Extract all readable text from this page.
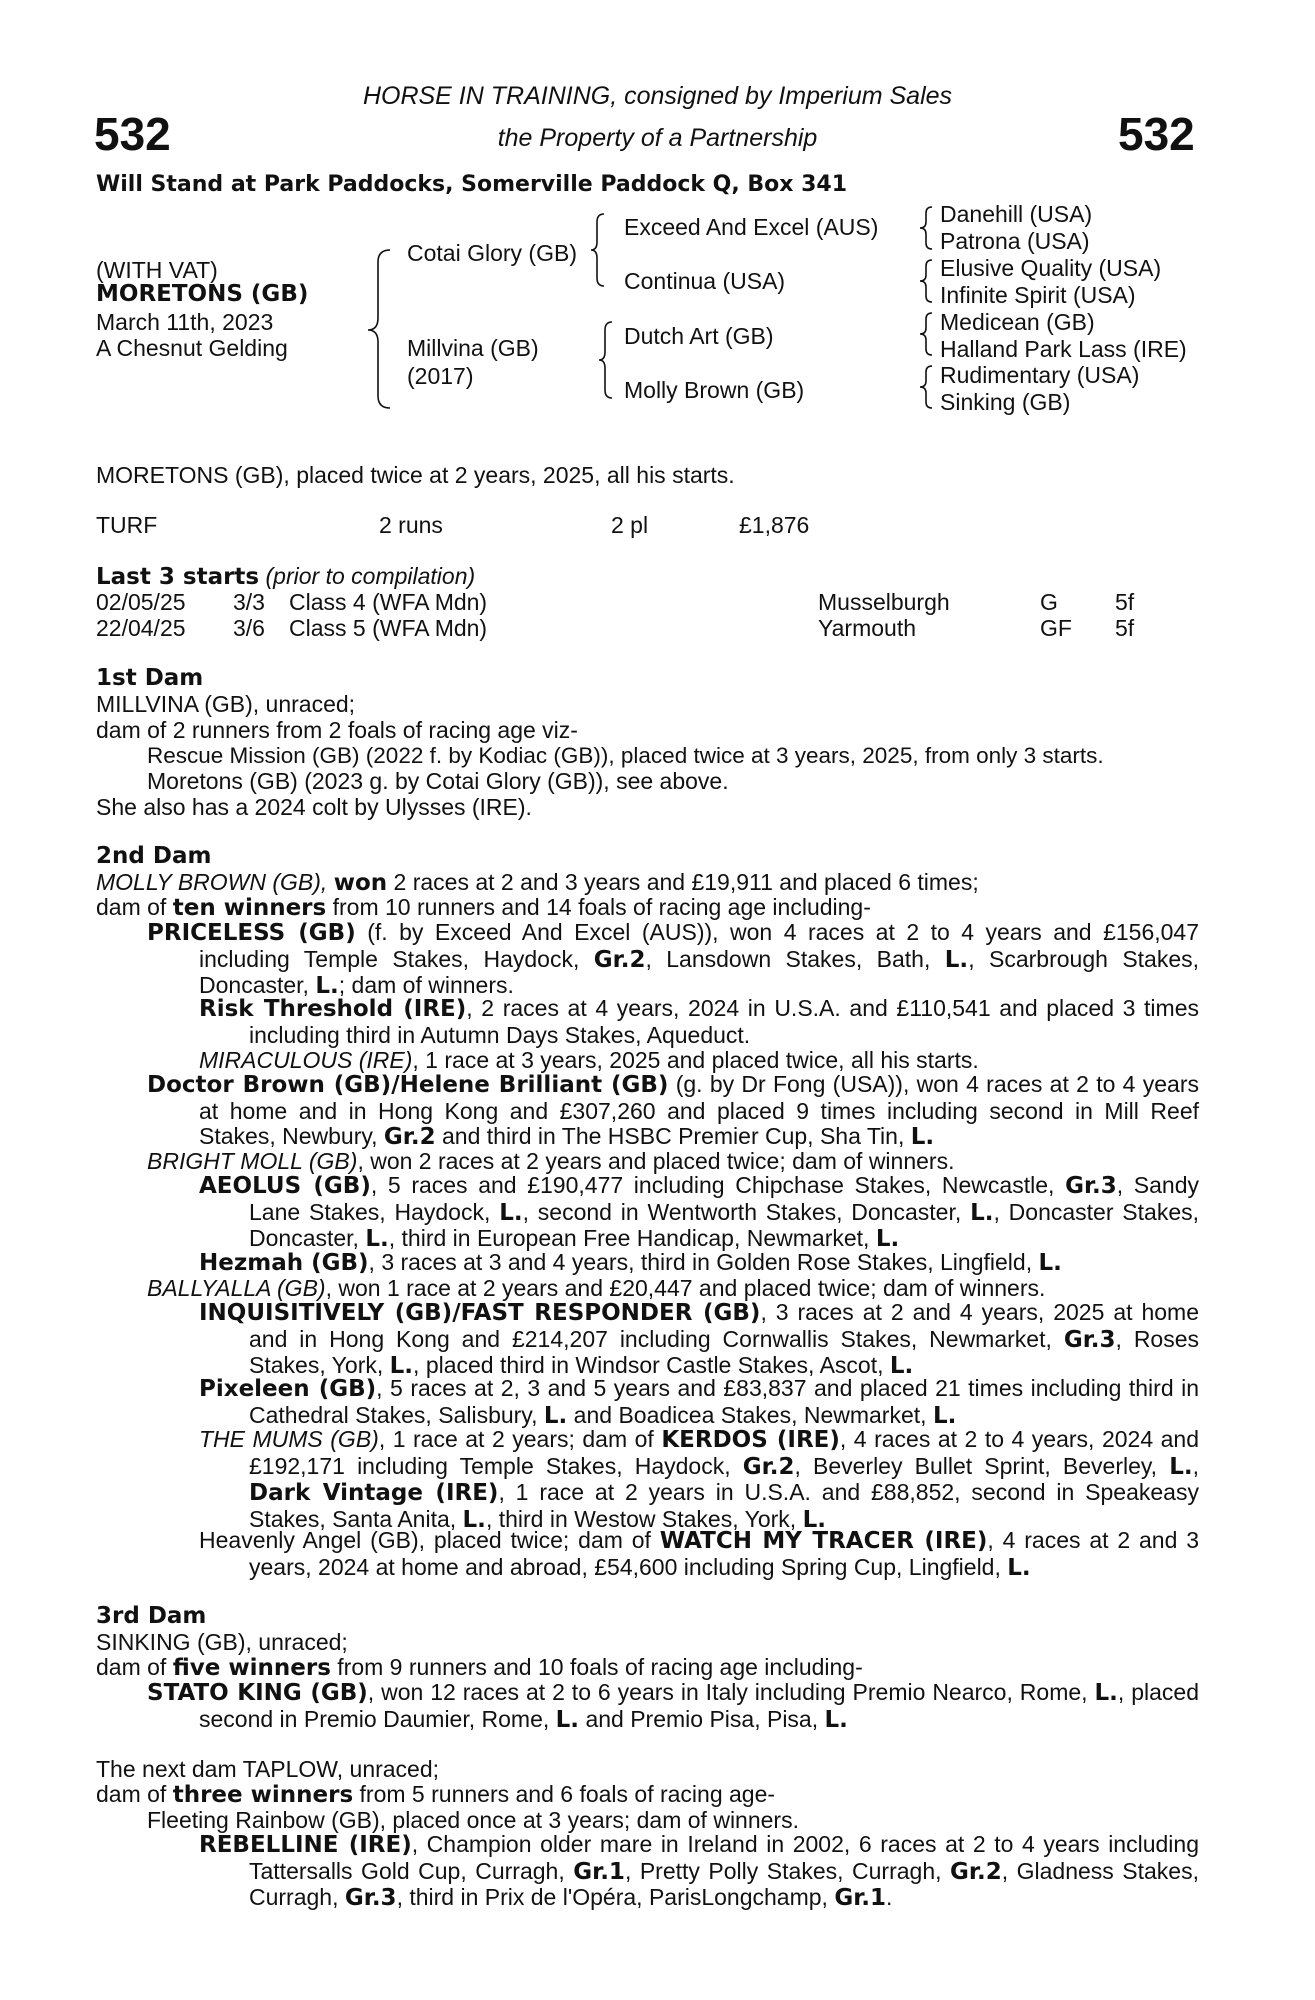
HORSE IN TRAINING, consigned by Imperium Sales
the Property of a Partnership
532	532
Will Stand at Park Paddocks, Somerville Paddock Q, Box 341
(WITH VAT)
MORETONS (GB)
March 11th, 2023
A Chesnut Gelding
Cotai Glory (GB)
Millvina (GB)
(2017)
Exceed And Excel (AUS)
Continua (USA)
Dutch Art (GB)
Molly Brown (GB)
Danehill (USA)
Patrona (USA)
Elusive Quality (USA)
Infinite Spirit (USA)
Medicean (GB)
Halland Park Lass (IRE)
Rudimentary (USA)
Sinking (GB)
MORETONS (GB), placed twice at 2 years, 2025, all his starts.
TURF	2 runs	2 pl	£1,876
Last 3 starts (prior to compilation)
02/05/25 3/3 Class 4 (WFA Mdn)	Musselburgh	G 5f
22/04/25 3/6 Class 5 (WFA Mdn)	Yarmouth	GF 5f
1st Dam
MILLVINA (GB), unraced;
dam of 2 runners from 2 foals of racing age viz-
Rescue Mission (GB) (2022 f. by Kodiac (GB)), placed twice at 3 years, 2025, from only 3 starts.
Moretons (GB) (2023 g. by Cotai Glory (GB)), see above.
She also has a 2024 colt by Ulysses (IRE).
2nd Dam
MOLLY BROWN (GB), won 2 races at 2 and 3 years and £19,911 and placed 6 times;
dam of ten winners from 10 runners and 14 foals of racing age including-
PRICELESS (GB) (f. by Exceed And Excel (AUS)), won 4 races at 2 to 4 years and £156,047 including Temple Stakes, Haydock, Gr.2, Lansdown Stakes, Bath, L., Scarbrough Stakes, Doncaster, L.; dam of winners.
Risk Threshold (IRE), 2 races at 4 years, 2024 in U.S.A. and £110,541 and placed 3 times including third in Autumn Days Stakes, Aqueduct.
MIRACULOUS (IRE), 1 race at 3 years, 2025 and placed twice, all his starts.
Doctor Brown (GB)/Helene Brilliant (GB) (g. by Dr Fong (USA)), won 4 races at 2 to 4 years at home and in Hong Kong and £307,260 and placed 9 times including second in Mill Reef Stakes, Newbury, Gr.2 and third in The HSBC Premier Cup, Sha Tin, L.
BRIGHT MOLL (GB), won 2 races at 2 years and placed twice; dam of winners.
AEOLUS (GB), 5 races and £190,477 including Chipchase Stakes, Newcastle, Gr.3, Sandy Lane Stakes, Haydock, L., second in Wentworth Stakes, Doncaster, L., Doncaster Stakes, Doncaster, L., third in European Free Handicap, Newmarket, L.
Hezmah (GB), 3 races at 3 and 4 years, third in Golden Rose Stakes, Lingfield, L.
BALLYALLA (GB), won 1 race at 2 years and £20,447 and placed twice; dam of winners.
INQUISITIVELY (GB)/FAST RESPONDER (GB), 3 races at 2 and 4 years, 2025 at home and in Hong Kong and £214,207 including Cornwallis Stakes, Newmarket, Gr.3, Roses Stakes, York, L., placed third in Windsor Castle Stakes, Ascot, L.
Pixeleen (GB), 5 races at 2, 3 and 5 years and £83,837 and placed 21 times including third in Cathedral Stakes, Salisbury, L. and Boadicea Stakes, Newmarket, L.
THE MUMS (GB), 1 race at 2 years; dam of KERDOS (IRE), 4 races at 2 to 4 years, 2024 and £192,171 including Temple Stakes, Haydock, Gr.2, Beverley Bullet Sprint, Beverley, L., Dark Vintage (IRE), 1 race at 2 years in U.S.A. and £88,852, second in Speakeasy Stakes, Santa Anita, L., third in Westow Stakes, York, L.
Heavenly Angel (GB), placed twice; dam of WATCH MY TRACER (IRE), 4 races at 2 and 3 years, 2024 at home and abroad, £54,600 including Spring Cup, Lingfield, L.
3rd Dam
SINKING (GB), unraced;
dam of five winners from 9 runners and 10 foals of racing age including-
STATO KING (GB), won 12 races at 2 to 6 years in Italy including Premio Nearco, Rome, L., placed second in Premio Daumier, Rome, L. and Premio Pisa, Pisa, L.
The next dam TAPLOW, unraced;
dam of three winners from 5 runners and 6 foals of racing age-
Fleeting Rainbow (GB), placed once at 3 years; dam of winners.
REBELLINE (IRE), Champion older mare in Ireland in 2002, 6 races at 2 to 4 years including Tattersalls Gold Cup, Curragh, Gr.1, Pretty Polly Stakes, Curragh, Gr.2, Gladness Stakes, Curragh, Gr.3, third in Prix de l'Opéra, ParisLongchamp, Gr.1.
